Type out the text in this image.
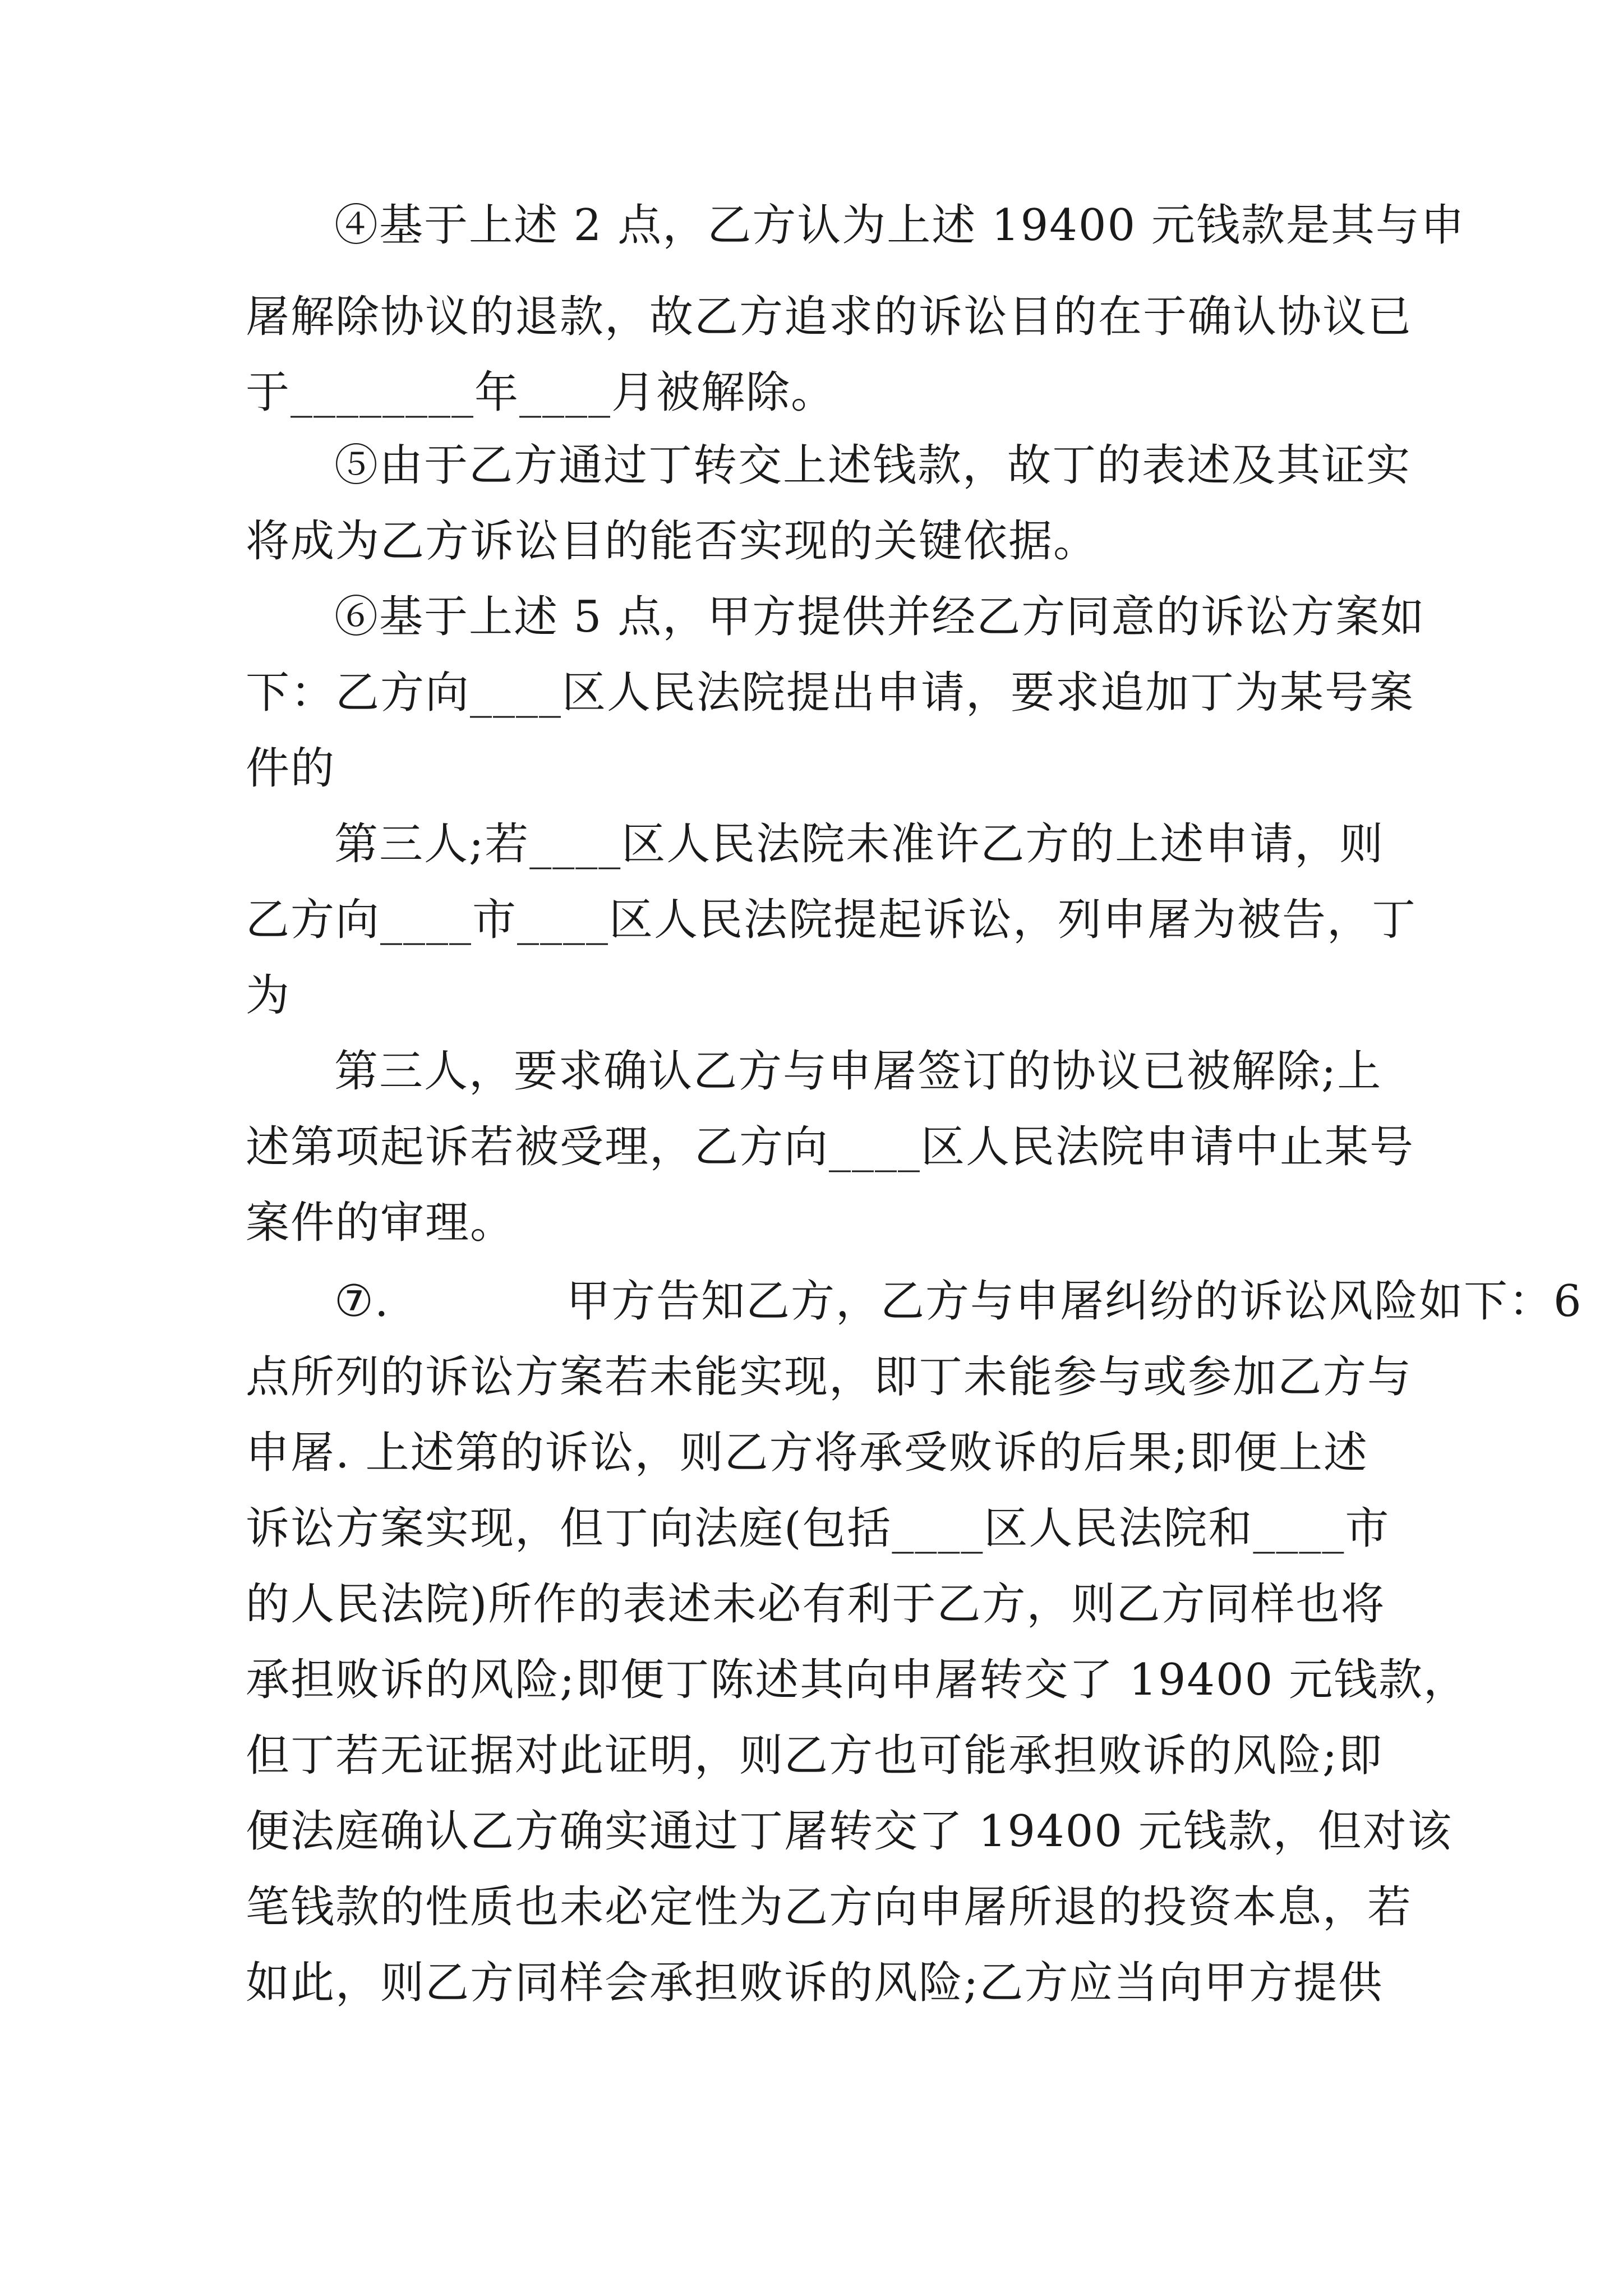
④基于上述 2 点，乙方认为上述 19400 元钱款是其与申
屠解除协议的退款，故乙方追求的诉讼目的在于确认协议已
于________年____月被解除。
⑤由于乙方通过丁转交上述钱款，故丁的表述及其证实
将成为乙方诉讼目的能否实现的关键依据。
⑥基于上述 5 点，甲方提供并经乙方同意的诉讼方案如
下：乙方向____区人民法院提出申请，要求追加丁为某号案
件的
第三人;若____区人民法院未准许乙方的上述申请，则
乙方向____市____区人民法院提起诉讼，列申屠为被告，丁
为
第三人，要求确认乙方与申屠签订的协议已被解除;上
述第项起诉若被受理，乙方向____区人民法院申请中止某号
案件的审理。
⑦.	甲方告知乙方，乙方与申屠纠纷的诉讼风险如下：6
点所列的诉讼方案若未能实现，即丁未能参与或参加乙方与
申屠. 上述第的诉讼，则乙方将承受败诉的后果;即便上述
诉讼方案实现，但丁向法庭(包括____区人民法院和____市
的人民法院)所作的表述未必有利于乙方，则乙方同样也将
承担败诉的风险;即便丁陈述其向申屠转交了 19400 元钱款，
但丁若无证据对此证明，则乙方也可能承担败诉的风险;即
便法庭确认乙方确实通过丁屠转交了 19400 元钱款，但对该
笔钱款的性质也未必定性为乙方向申屠所退的投资本息，若
如此，则乙方同样会承担败诉的风险;乙方应当向甲方提供
